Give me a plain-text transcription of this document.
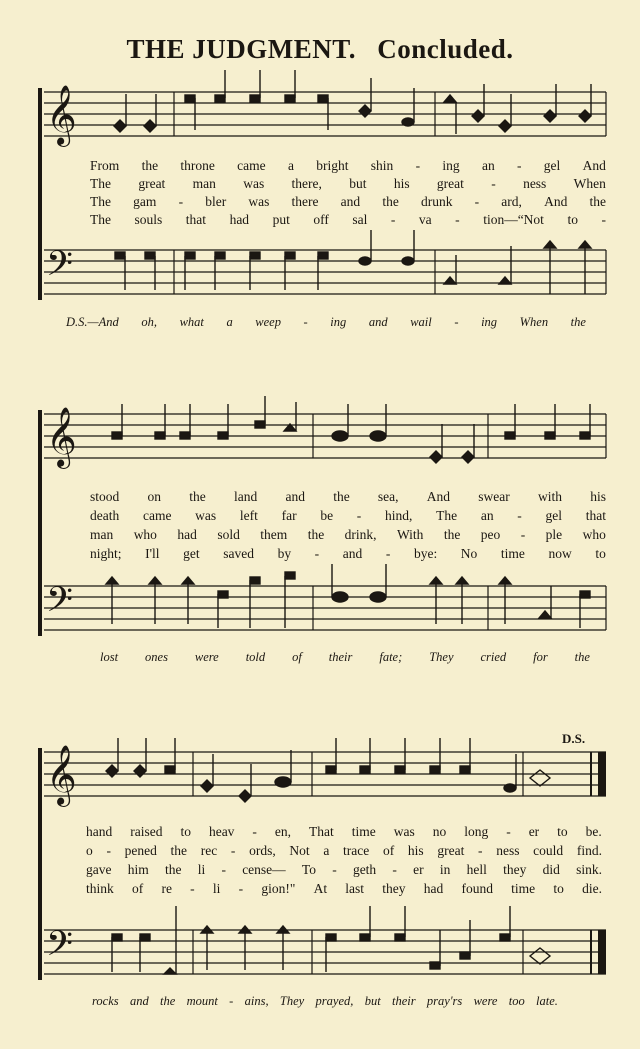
THE JUDGMENT. Concluded.
𝄞
𝄢
From the throne came a bright shin - ing an - gel And
The great man was there, but his great - ness When
The gam - bler was there and the drunk - ard, And the
The souls that had put off sal - va - tion—“Not to -
D.S.—And oh, what a weep - ing and wail - ing When the
𝄞
𝄢
stood on the land and the sea, And swear with his
death came was left far be - hind, The an - gel that
man who had sold them the drink, With the peo - ple who
night; I'll get saved by - and - bye: No time now to
lost ones were told of their fate; They cried for the
D.S.
𝄞
𝄢
hand raised to heav - en, That time was no long - er to be.
o - pened the rec - ords, Not a trace of his great - ness could find.
gave him the li - cense— To - geth - er in hell they did sink.
think of re - li - gion!" At last they had found time to die.
rocks and the mount - ains, They prayed, but their pray'rs were too late.
